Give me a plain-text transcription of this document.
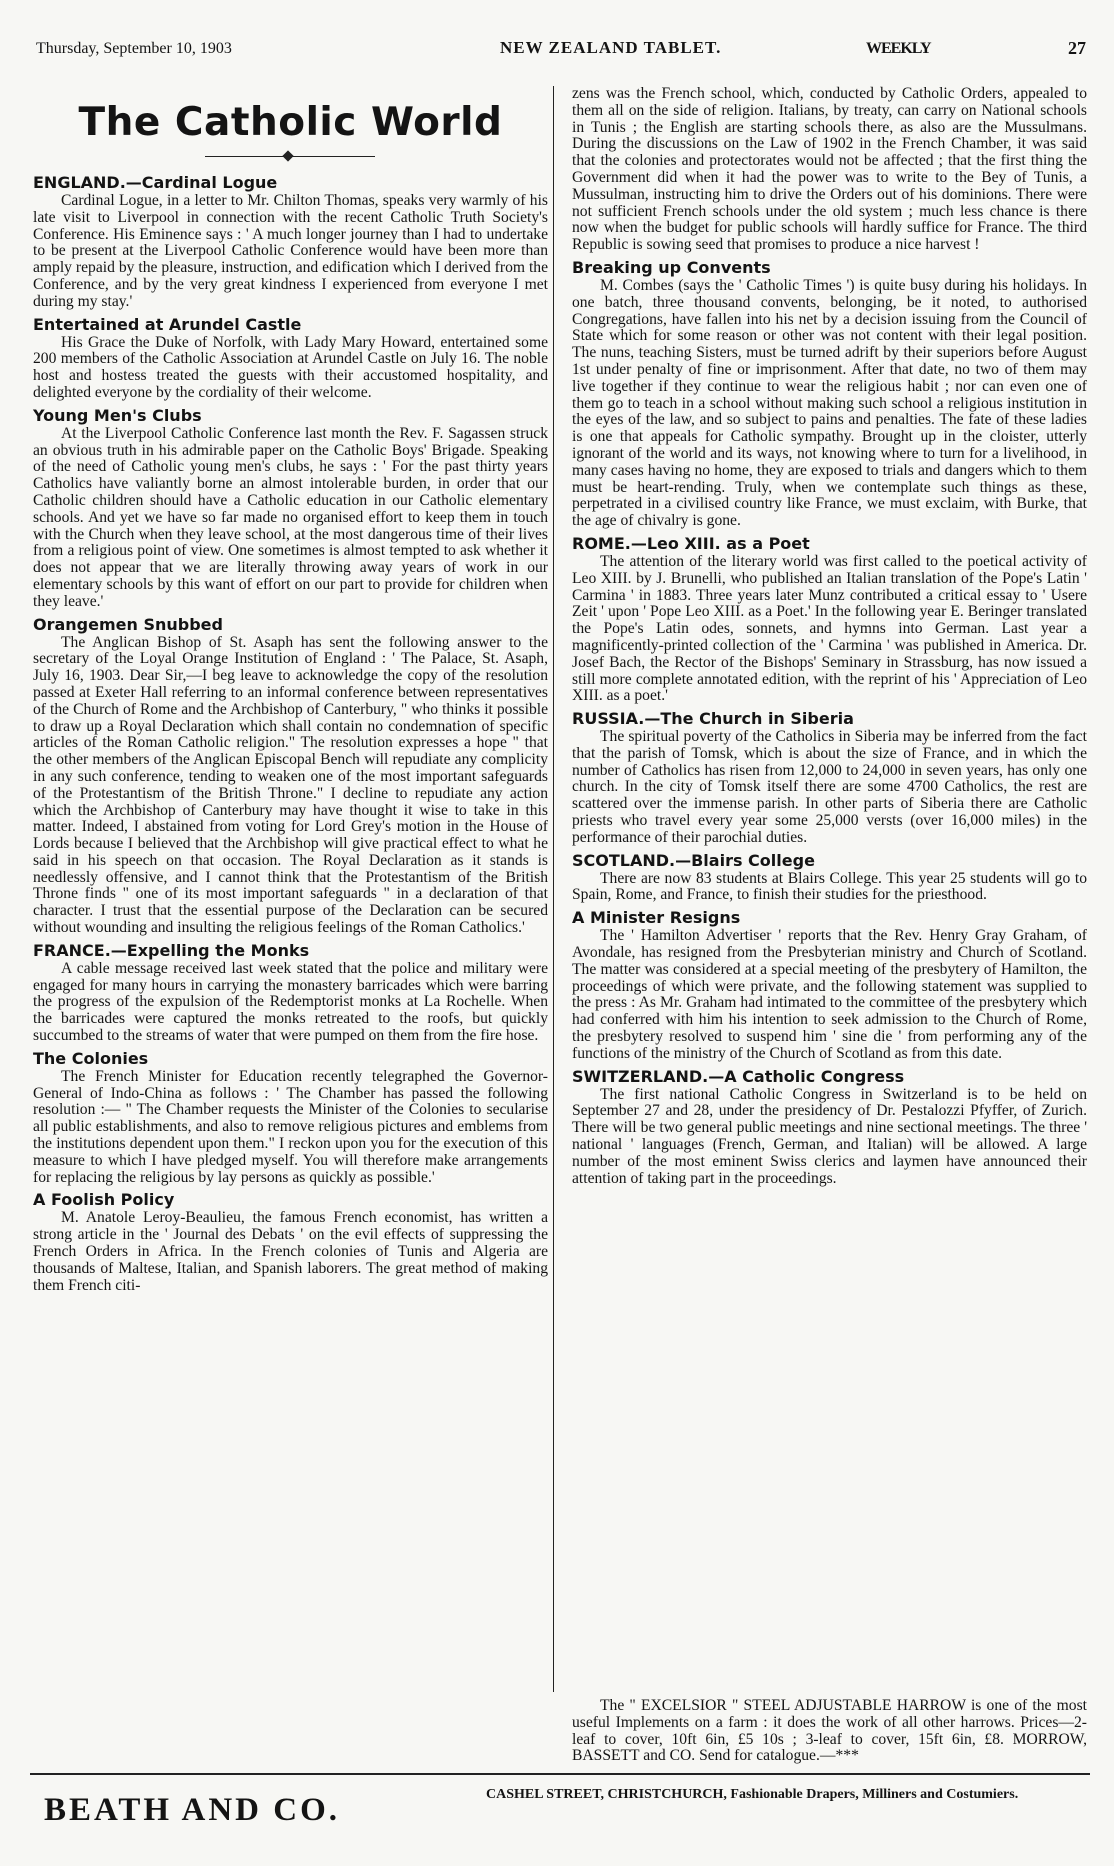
Thursday, September 10, 1903	NEW ZEALAND TABLET.	WEEKLY	27
The Catholic World
ENGLAND.—Cardinal Logue

Cardinal Logue, in a letter to Mr. Chilton Thomas, speaks very warmly of his late visit to Liverpool in connection with the recent Catholic Truth Society's Conference. His Eminence says : ' A much longer journey than I had to undertake to be present at the Liverpool Catholic Conference would have been more than amply repaid by the pleasure, instruction, and edification which I derived from the Conference, and by the very great kindness I experienced from everyone I met during my stay.'

Entertained at Arundel Castle

His Grace the Duke of Norfolk, with Lady Mary Howard, entertained some 200 members of the Catholic Association at Arundel Castle on July 16. The noble host and hostess treated the guests with their accustomed hospitality, and delighted everyone by the cordiality of their welcome.

Young Men's Clubs

At the Liverpool Catholic Conference last month the Rev. F. Sagassen struck an obvious truth in his admirable paper on the Catholic Boys' Brigade. Speaking of the need of Catholic young men's clubs, he says : ' For the past thirty years Catholics have valiantly borne an almost intolerable burden, in order that our Catholic children should have a Catholic education in our Catholic elementary schools. And yet we have so far made no organised effort to keep them in touch with the Church when they leave school, at the most dangerous time of their lives from a religious point of view. One sometimes is almost tempted to ask whether it does not appear that we are literally throwing away years of work in our elementary schools by this want of effort on our part to provide for children when they leave.'

Orangemen Snubbed

The Anglican Bishop of St. Asaph has sent the following answer to the secretary of the Loyal Orange Institution of England : ' The Palace, St. Asaph, July 16, 1903. Dear Sir,—I beg leave to acknowledge the copy of the resolution passed at Exeter Hall referring to an informal conference between representatives of the Church of Rome and the Archbishop of Canterbury, " who thinks it possible to draw up a Royal Declaration which shall contain no condemnation of specific articles of the Roman Catholic religion." The resolution expresses a hope " that the other members of the Anglican Episcopal Bench will repudiate any complicity in any such conference, tending to weaken one of the most important safeguards of the Protestantism of the British Throne." I decline to repudiate any action which the Archbishop of Canterbury may have thought it wise to take in this matter. Indeed, I abstained from voting for Lord Grey's motion in the House of Lords because I believed that the Archbishop will give practical effect to what he said in his speech on that occasion. The Royal Declaration as it stands is needlessly offensive, and I cannot think that the Protestantism of the British Throne finds " one of its most important safeguards " in a declaration of that character. I trust that the essential purpose of the Declaration can be secured without wounding and insulting the religious feelings of the Roman Catholics.'

FRANCE.—Expelling the Monks

A cable message received last week stated that the police and military were engaged for many hours in carrying the monastery barricades which were barring the progress of the expulsion of the Redemptorist monks at La Rochelle. When the barricades were captured the monks retreated to the roofs, but quickly succumbed to the streams of water that were pumped on them from the fire hose.

The Colonies

The French Minister for Education recently telegraphed the Governor-General of Indo-China as follows : ' The Chamber has passed the following resolution :— " The Chamber requests the Minister of the Colonies to secularise all public establishments, and also to remove religious pictures and emblems from the institutions dependent upon them." I reckon upon you for the execution of this measure to which I have pledged myself. You will therefore make arrangements for replacing the religious by lay persons as quickly as possible.'

A Foolish Policy

M. Anatole Leroy-Beaulieu, the famous French economist, has written a strong article in the ' Journal des Debats ' on the evil effects of suppressing the French Orders in Africa. In the French colonies of Tunis and Algeria are thousands of Maltese, Italian, and Spanish laborers. The great method of making them French citi-

zens was the French school, which, conducted by Catholic Orders, appealed to them all on the side of religion. Italians, by treaty, can carry on National schools in Tunis ; the English are starting schools there, as also are the Mussulmans. During the discussions on the Law of 1902 in the French Chamber, it was said that the colonies and protectorates would not be affected ; that the first thing the Government did when it had the power was to write to the Bey of Tunis, a Mussulman, instructing him to drive the Orders out of his dominions. There were not sufficient French schools under the old system ; much less chance is there now when the budget for public schools will hardly suffice for France. The third Republic is sowing seed that promises to produce a nice harvest !

Breaking up Convents

M. Combes (says the ' Catholic Times ') is quite busy during his holidays. In one batch, three thousand convents, belonging, be it noted, to authorised Congregations, have fallen into his net by a decision issuing from the Council of State which for some reason or other was not content with their legal position. The nuns, teaching Sisters, must be turned adrift by their superiors before August 1st under penalty of fine or imprisonment. After that date, no two of them may live together if they continue to wear the religious habit ; nor can even one of them go to teach in a school without making such school a religious institution in the eyes of the law, and so subject to pains and penalties. The fate of these ladies is one that appeals for Catholic sympathy. Brought up in the cloister, utterly ignorant of the world and its ways, not knowing where to turn for a livelihood, in many cases having no home, they are exposed to trials and dangers which to them must be heart-rending. Truly, when we contemplate such things as these, perpetrated in a civilised country like France, we must exclaim, with Burke, that the age of chivalry is gone.

ROME.—Leo XIII. as a Poet

The attention of the literary world was first called to the poetical activity of Leo XIII. by J. Brunelli, who published an Italian translation of the Pope's Latin ' Carmina ' in 1883. Three years later Munz contributed a critical essay to ' Usere Zeit ' upon ' Pope Leo XIII. as a Poet.' In the following year E. Beringer translated the Pope's Latin odes, sonnets, and hymns into German. Last year a magnificently-printed collection of the ' Carmina ' was published in America. Dr. Josef Bach, the Rector of the Bishops' Seminary in Strassburg, has now issued a still more complete annotated edition, with the reprint of his ' Appreciation of Leo XIII. as a poet.'

RUSSIA.—The Church in Siberia

The spiritual poverty of the Catholics in Siberia may be inferred from the fact that the parish of Tomsk, which is about the size of France, and in which the number of Catholics has risen from 12,000 to 24,000 in seven years, has only one church. In the city of Tomsk itself there are some 4700 Catholics, the rest are scattered over the immense parish. In other parts of Siberia there are Catholic priests who travel every year some 25,000 versts (over 16,000 miles) in the performance of their parochial duties.

SCOTLAND.—Blairs College

There are now 83 students at Blairs College. This year 25 students will go to Spain, Rome, and France, to finish their studies for the priesthood.

A Minister Resigns

The ' Hamilton Advertiser ' reports that the Rev. Henry Gray Graham, of Avondale, has resigned from the Presbyterian ministry and Church of Scotland. The matter was considered at a special meeting of the presbytery of Hamilton, the proceedings of which were private, and the following statement was supplied to the press : As Mr. Graham had intimated to the committee of the presbytery which had conferred with him his intention to seek admission to the Church of Rome, the presbytery resolved to suspend him ' sine die ' from performing any of the functions of the ministry of the Church of Scotland as from this date.

SWITZERLAND.—A Catholic Congress

The first national Catholic Congress in Switzerland is to be held on September 27 and 28, under the presidency of Dr. Pestalozzi Pfyffer, of Zurich. There will be two general public meetings and nine sectional meetings. The three ' national ' languages (French, German, and Italian) will be allowed. A large number of the most eminent Swiss clerics and laymen have announced their attention of taking part in the proceedings.

The " EXCELSIOR " STEEL ADJUSTABLE HARROW is one of the most useful Implements on a farm : it does the work of all other harrows. Prices—2-leaf to cover, 10ft 6in, £5 10s ; 3-leaf to cover, 15ft 6in, £8. MORROW, BASSETT and CO. Send for catalogue.—***

BEATH AND CO.	CASHEL STREET, CHRISTCHURCH, Fashionable Drapers, Milliners and Costumiers.
